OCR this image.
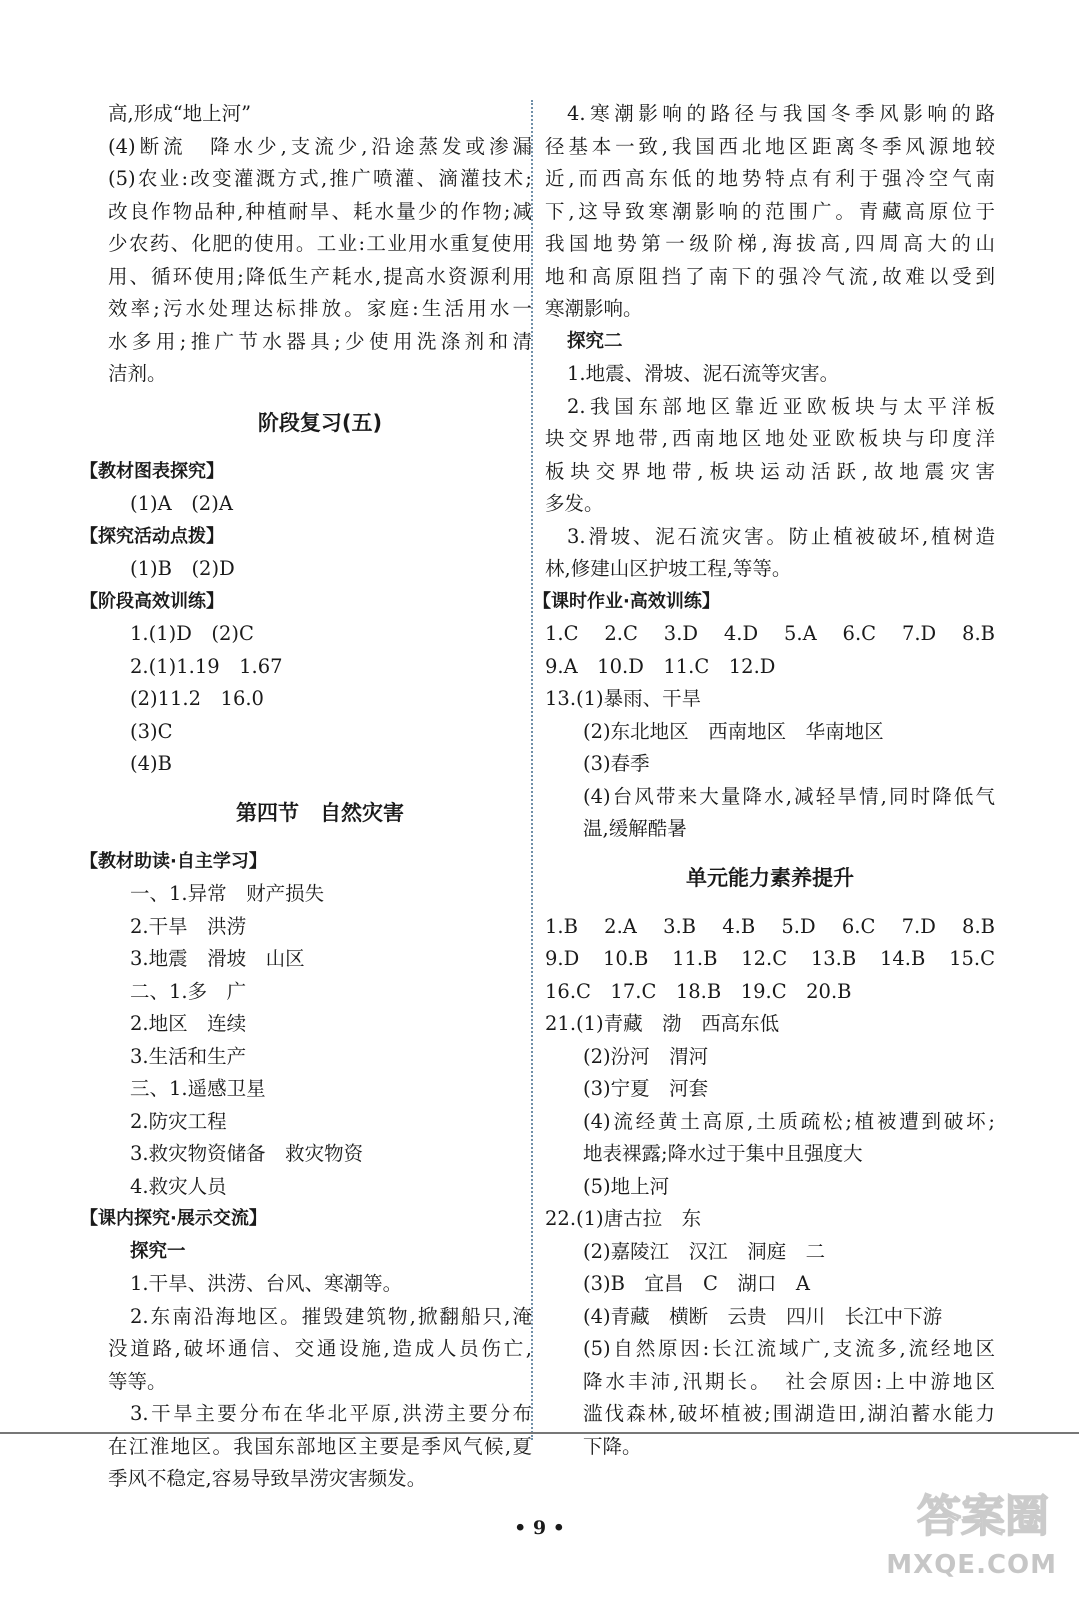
高,形成“地上河”
(4)断流　降水少,支流少,沿途蒸发或渗漏
(5)农业:改变灌溉方式,推广喷灌、滴灌技术;
改良作物品种,种植耐旱、耗水量少的作物;减
少农药、化肥的使用。工业:工业用水重复使用
用、循环使用;降低生产耗水,提高水资源利用
效率;污水处理达标排放。家庭:生活用水一
水多用;推广节水器具;少使用洗涤剂和清
洁剂。
阶段复习(五)
【教材图表探究】
(1)A　(2)A
【探究活动点拨】
(1)B　(2)D
【阶段高效训练】
1.(1)D　(2)C
2.(1)1.19　1.67
(2)11.2　16.0
(3)C
(4)B
第四节　自然灾害
【教材助读·自主学习】
一、1.异常　财产损失
2.干旱　洪涝
3.地震　滑坡　山区
二、1.多　广
2.地区　连续
3.生活和生产
三、1.遥感卫星
2.防灾工程
3.救灾物资储备　救灾物资
4.救灾人员
【课内探究·展示交流】
探究一
1.干旱、洪涝、台风、寒潮等。
2.东南沿海地区。摧毁建筑物,掀翻船只,淹
没道路,破坏通信、交通设施,造成人员伤亡,
等等。
3.干旱主要分布在华北平原,洪涝主要分布
在江淮地区。我国东部地区主要是季风气候,夏
季风不稳定,容易导致旱涝灾害频发。
4.寒潮影响的路径与我国冬季风影响的路
径基本一致,我国西北地区距离冬季风源地较
近,而西高东低的地势特点有利于强冷空气南
下,这导致寒潮影响的范围广。青藏高原位于
我国地势第一级阶梯,海拔高,四周高大的山
地和高原阻挡了南下的强冷气流,故难以受到
寒潮影响。
探究二
1.地震、滑坡、泥石流等灾害。
2.我国东部地区靠近亚欧板块与太平洋板
块交界地带,西南地区地处亚欧板块与印度洋
板块交界地带,板块运动活跃,故地震灾害
多发。
3.滑坡、泥石流灾害。防止植被破坏,植树造
林,修建山区护坡工程,等等。
【课时作业·高效训练】
1.C　2.C　3.D　4.D　5.A　6.C　7.D　8.B
9.A　10.D　11.C　12.D
13.(1)暴雨、干旱
(2)东北地区　西南地区　华南地区
(3)春季
(4)台风带来大量降水,减轻旱情,同时降低气
温,缓解酷暑
单元能力素养提升
1.B　2.A　3.B　4.B　5.D　6.C　7.D　8.B
9.D　10.B　11.B　12.C　13.B　14.B　15.C
16.C　17.C　18.B　19.C　20.B
21.(1)青藏　渤　西高东低
(2)汾河　渭河
(3)宁夏　河套
(4)流经黄土高原,土质疏松;植被遭到破坏;
地表裸露;降水过于集中且强度大
(5)地上河
22.(1)唐古拉　东
(2)嘉陵江　汉江　洞庭　二
(3)B　宜昌　C　湖口　A
(4)青藏　横断　云贵　四川　长江中下游
(5)自然原因:长江流域广,支流多,流经地区
降水丰沛,汛期长。　社会原因:上中游地区
滥伐森林,破坏植被;围湖造田,湖泊蓄水能力
下降。
• 9 •	答案圈
MXQE.COM
